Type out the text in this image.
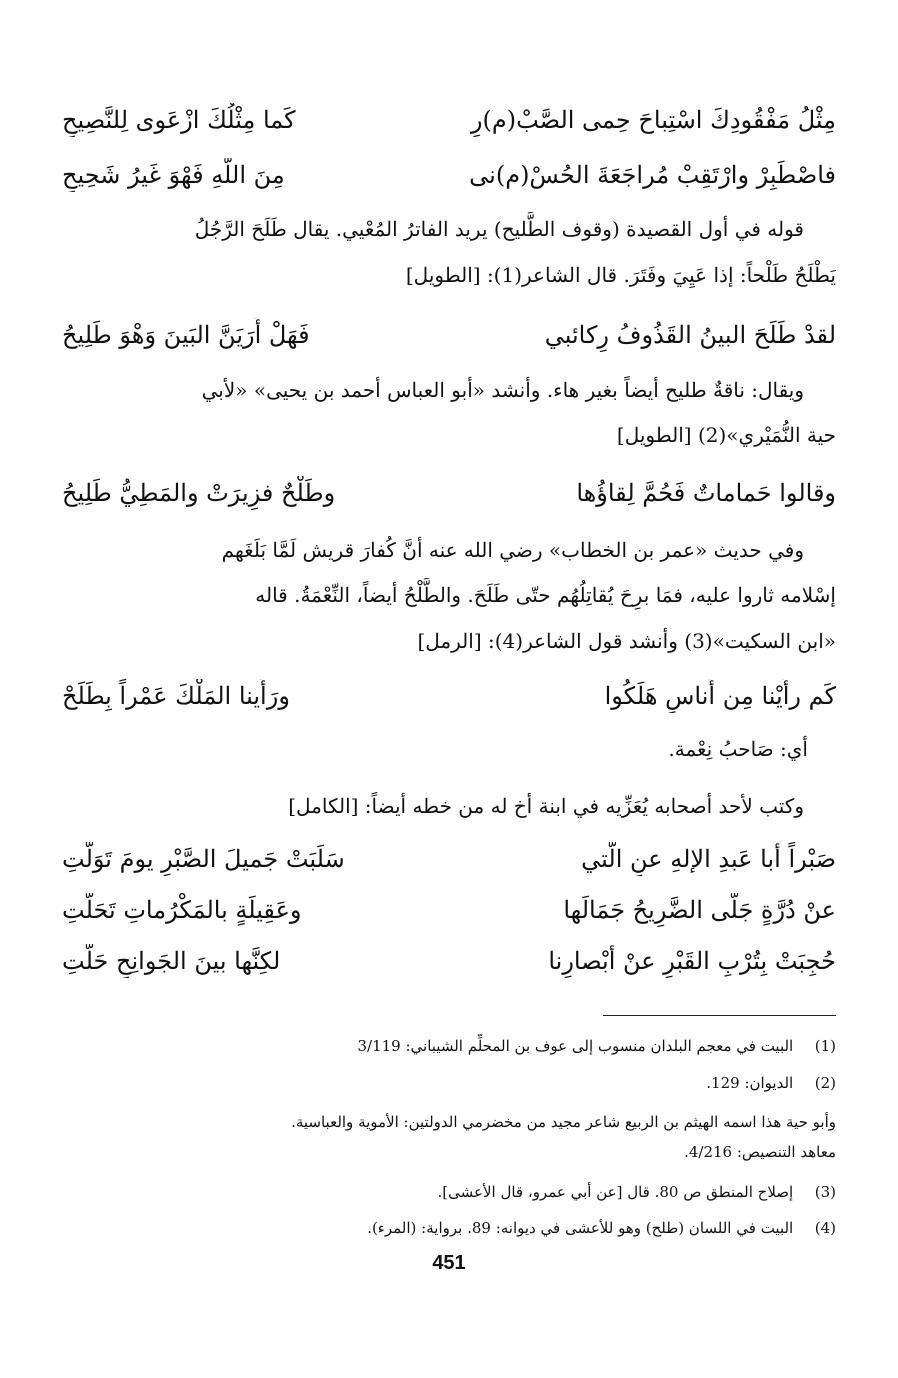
مِثْلُ مَفْقُودِكَ اسْتِباحَ حِمى الصَّبْ(م)رِ
كَما مِثْلُكَ ازْعَوى لِلنَّصِيحِ
فاصْطَبِرْ وارْتَقِبْ مُراجَعَةَ الحُسْ(م)نى
مِنَ اللّهِ فَهْوَ غَيرُ شَحِيحِ
قوله في أول القصيدة (وقوف الطَّليح) يريد الفاترُ المُعْيي. يقال طَلَحَ الرَّجُلُ
يَطْلَحُ طَلْحاً: إذا عَيِيَ وفَتَرَ. قال الشاعر(1): [الطويل]
لقدْ طَلَحَ البينُ القَذُوفُ رِكائبي
فَهَلْ أَرَيَنَّ البَينَ وَهْوَ طَلِيحُ
ويقال: ناقةٌ طليح أيضاً بغير هاء. وأنشد «أبو العباس أحمد بن يحيى» «لأبي
حية النُّمَيْري»(2) [الطويل]
وقالوا حَماماتٌ فَحُمَّ لِقاؤُها
وطَلْحٌ فزِيرَتْ والمَطِيُّ طَلِيحُ
وفي حديث «عمر بن الخطاب» رضي الله عنه أنَّ كُفارَ قريش لَمَّا بَلَغَهم
إسْلامه ثاروا عليه، فمَا برِحَ يُقاتِلُهُم حتّى طَلَحَ. والطَّلْحُ أيضاً، النِّعْمَةُ. قاله
«ابن السكيت»(3) وأنشد قول الشاعر(4): [الرمل]
كَم رأَيْنا مِن أُناسٍ هَلَكُوا
ورَأَينا المَلْكَ عَمْراً بِطَلَحْ
أي: صَاحبُ نِعْمة.
وكتب لأحد أصحابه يُعَزِّيه في ابنة أخ له من خطه أيضاً: [الكامل]
صَبْراً أبا عَبدِ الإلهِ عنِ الّتي
سَلَبَتْ جَميلَ الصَّبْرِ يومَ تَوَلَّتِ
عنْ دُرَّةٍ جَلّى الضَّرِيحُ جَمَالَها
وعَقِيلَةٍ بالمَكْرُماتِ تَحَلَّتِ
حُجِبَتْ بِتُرْبِ القَبْرِ عنْ أبْصارِنا
لكِنَّها بينَ الجَوانِحِ حَلَّتِ
(1) البيت في معجم البلدان منسوب إلى عوف بن المحلِّم الشيباني: 3/119
(2) الديوان: 129.
وأبو حية هذا اسمه الهيثم بن الربيع شاعر مجيد من مخضرمي الدولتين: الأموية والعباسية.
معاهد التنصيص: 4/216.
(3) إصلاح المنطق ص 80. قال [عن أبي عمرو، قال الأعشى].
(4) البيت في اللسان (طلح) وهو للأعشى في ديوانه: 89. برواية: (المرء).
451
